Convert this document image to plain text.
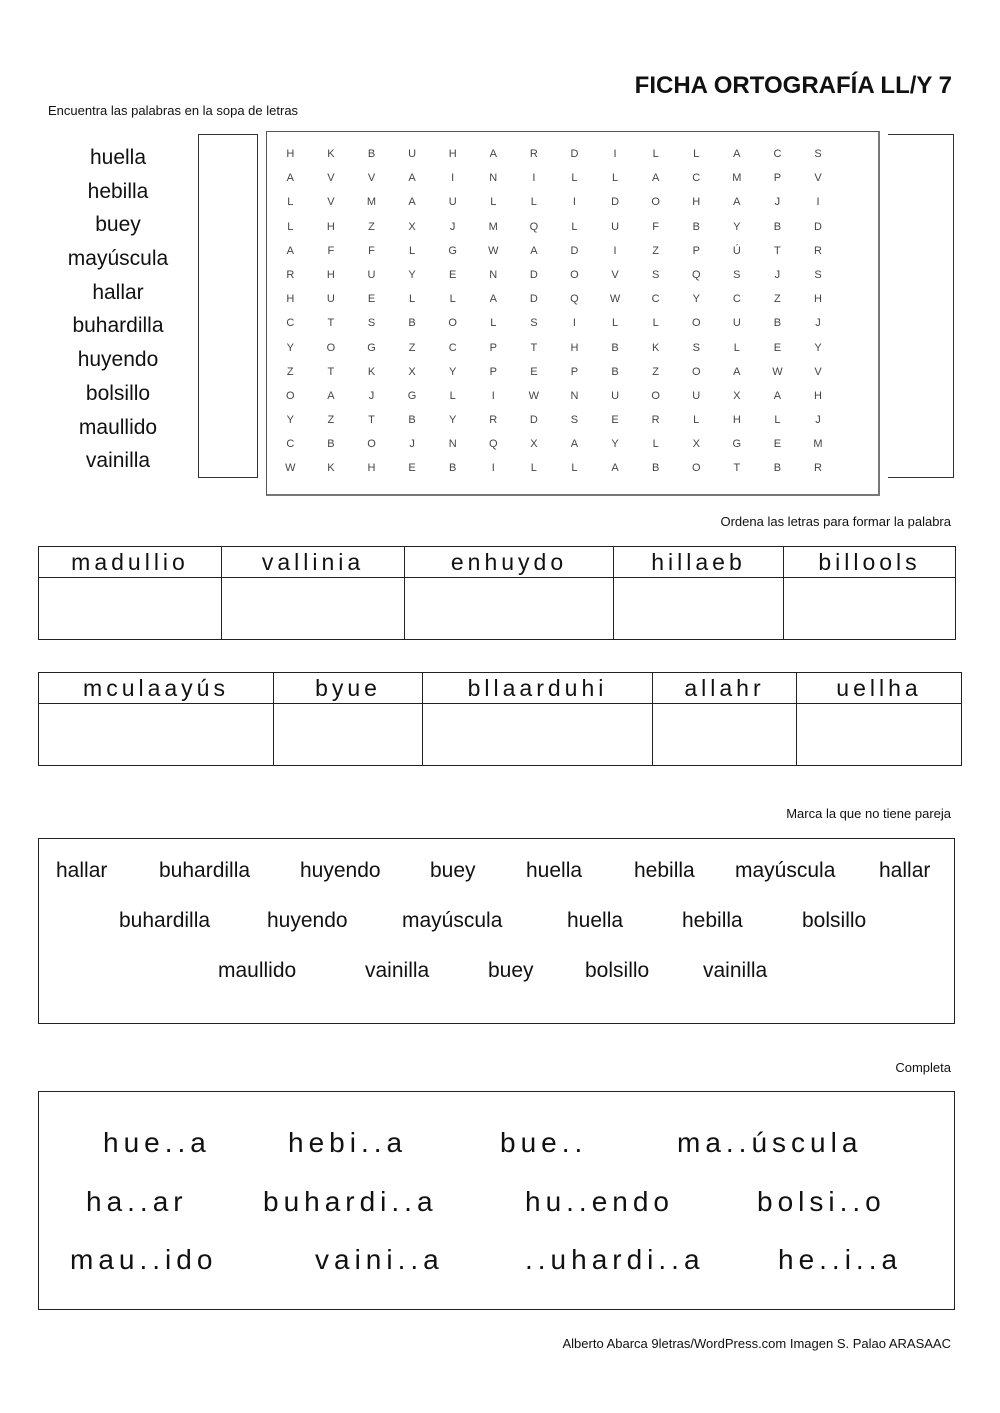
FICHA ORTOGRAFÍA LL/Y 7
Encuentra las palabras en la sopa de letras
huella
hebilla
buey
mayúscula
hallar
buhardilla
huyendo
bolsillo
maullido
vainilla
H	K	B	U	H	A	R	D	I	L	L	A	C	S
A	V	V	A	I	N	I	L	L	A	C	M	P	V
L	V	M	A	U	L	L	I	D	O	H	A	J	I
L	H	Z	X	J	M	Q	L	U	F	B	Y	B	D
A	F	F	L	G	W	A	D	I	Z	P	Ú	T	R
R	H	U	Y	E	N	D	O	V	S	Q	S	J	S
H	U	E	L	L	A	D	Q	W	C	Y	C	Z	H
C	T	S	B	O	L	S	I	L	L	O	U	B	J
Y	O	G	Z	C	P	T	H	B	K	S	L	E	Y
Z	T	K	X	Y	P	E	P	B	Z	O	A	W	V
O	A	J	G	L	I	W	N	U	O	U	X	A	H
Y	Z	T	B	Y	R	D	S	E	R	L	H	L	J
C	B	O	J	N	Q	X	A	Y	L	X	G	E	M
W	K	H	E	B	I	L	L	A	B	O	T	B	R
Ordena las letras para formar la palabra
madullio	vallinia	enhuydo	hillaeb	billools

mculaayús	byue	bllaarduhi	allahr	uellha

Marca la que no tiene pareja
hallar buhardilla huyendo buey huella hebilla mayúscula hallar
buhardilla	huyendo	mayúscula	huella	hebilla	bolsillo
maullido	vainilla	buey bolsillo	vainilla
Completa
hue..a	hebi..a	bue..	ma..úscula
ha..ar	buhardi..a	hu..endo	bolsi..o
mau..ido	vaini..a	..uhardi..a	he..i..a
Alberto Abarca 9letras/WordPress.com Imagen S. Palao ARASAAC
